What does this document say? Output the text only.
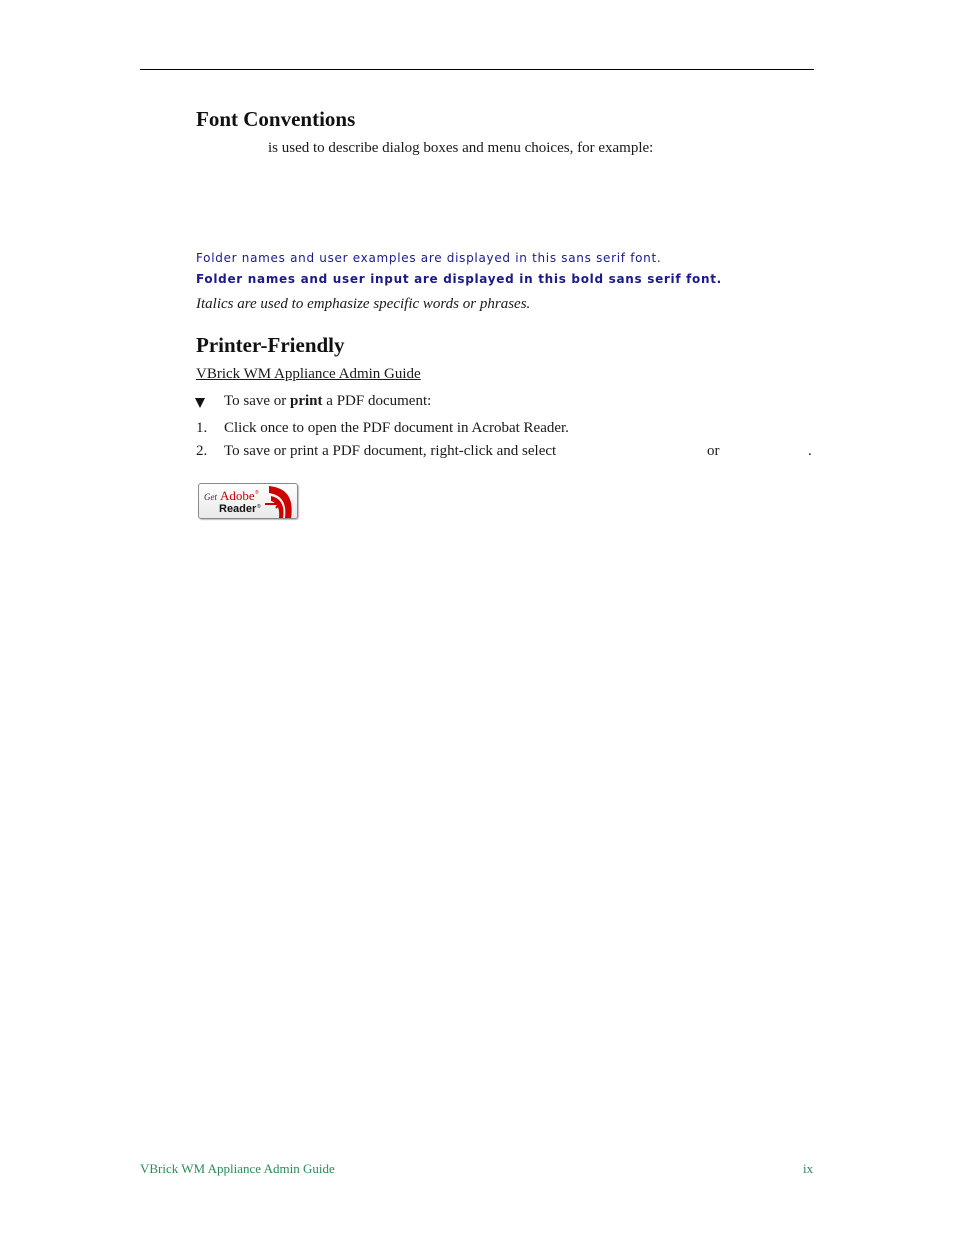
Font Conventions
is used to describe dialog boxes and menu choices, for example:
Folder names and user examples are displayed in this sans serif font.
Folder names and user input are displayed in this bold sans serif font.
Italics are used to emphasize specific words or phrases.
Printer-Friendly
VBrick WM Appliance Admin Guide
To save or print a PDF document:
1. Click once to open the PDF document in Acrobat Reader.
2. To save or print a PDF document, right-click and select	or	.
Get Adobe ®
Reader ®
VBrick WM Appliance Admin Guide	ix
